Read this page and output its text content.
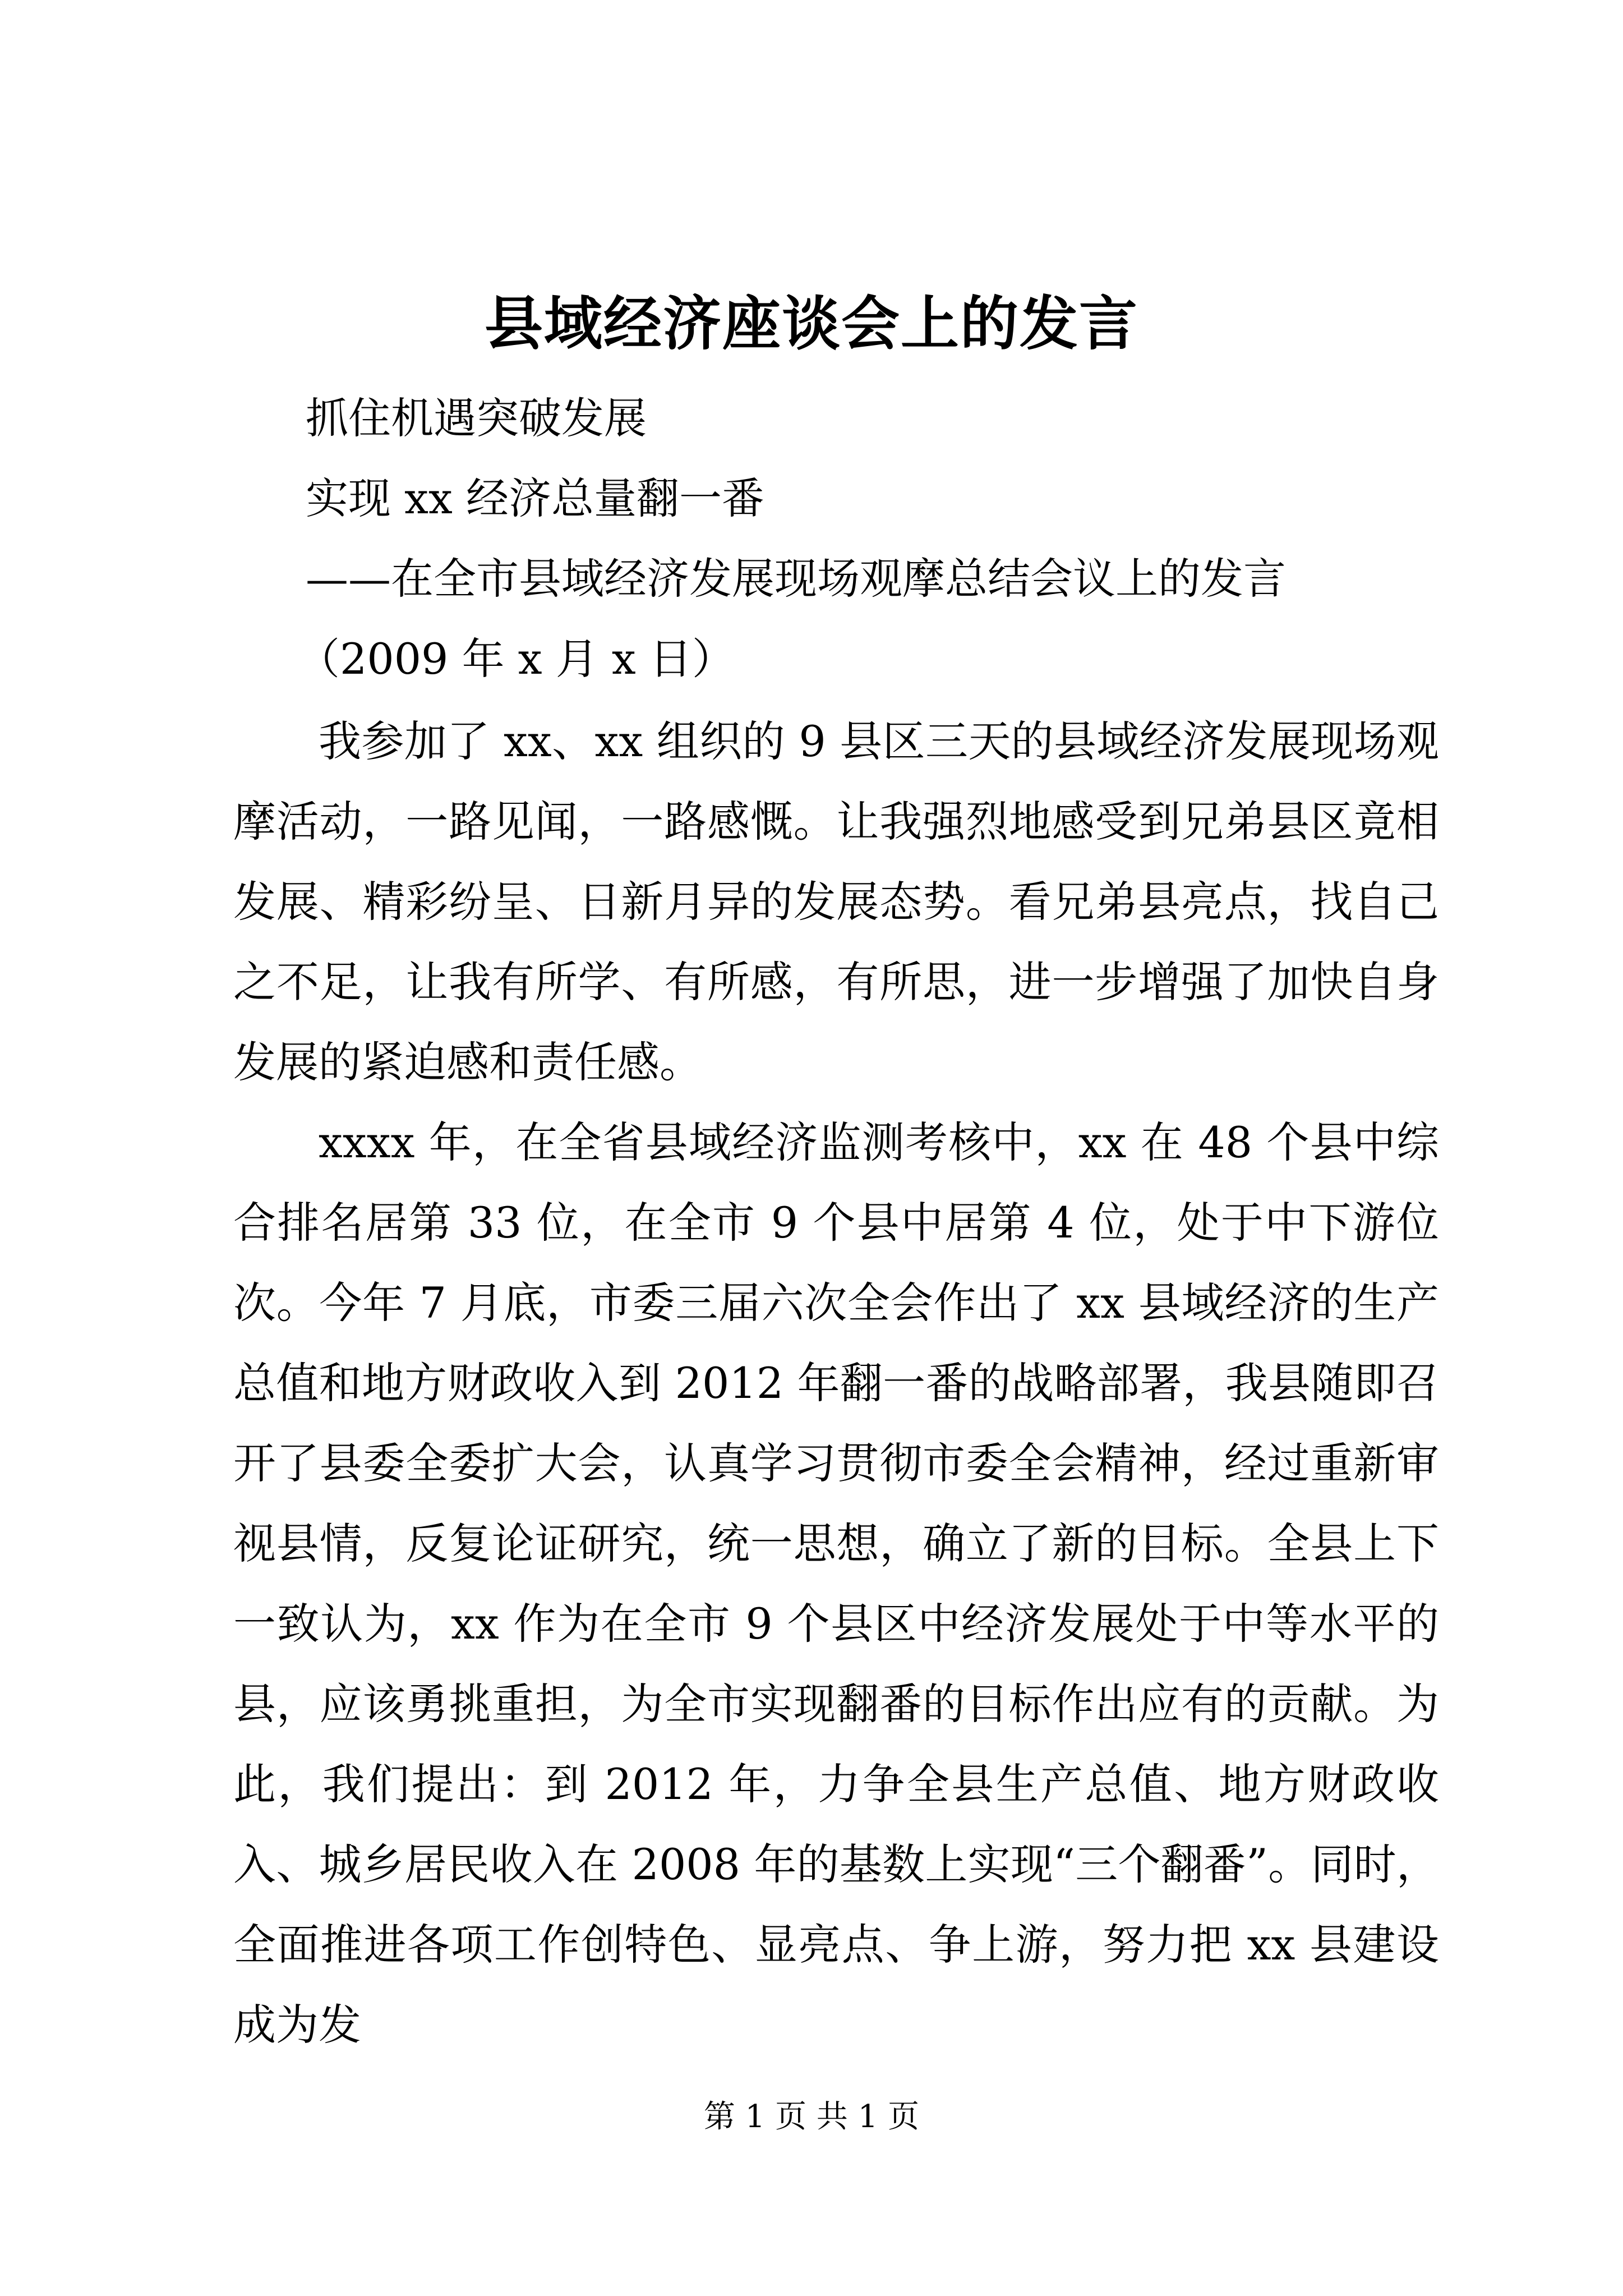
县域经济座谈会上的发言
抓住机遇突破发展
实现 xx 经济总量翻一番
——在全市县域经济发展现场观摩总结会议上的发言
（2009 年 x 月 x 日）

我参加了 xx、xx 组织的 9 县区三天的县域经济发展现场观摩活动，一路见闻，一路感慨。让我强烈地感受到兄弟县区竟相发展、精彩纷呈、日新月异的发展态势。看兄弟县亮点，找自己之不足，让我有所学、有所感，有所思，进一步增强了加快自身发展的紧迫感和责任感。

xxxx 年，在全省县域经济监测考核中，xx 在 48 个县中综合排名居第 33 位，在全市 9 个县中居第 4 位，处于中下游位次。今年 7 月底，市委三届六次全会作出了 xx 县域经济的生产总值和地方财政收入到 2012 年翻一番的战略部署，我县随即召开了县委全委扩大会，认真学习贯彻市委全会精神，经过重新审视县情，反复论证研究，统一思想，确立了新的目标。全县上下一致认为，xx 作为在全市 9 个县区中经济发展处于中等水平的县，应该勇挑重担，为全市实现翻番的目标作出应有的贡献。为此，我们提出：到 2012 年，力争全县生产总值、地方财政收入、城乡居民收入在 2008 年的基数上实现“三个翻番”。同时，全面推进各项工作创特色、显亮点、争上游，努力把 xx 县建设成为发

第 1 页 共 1 页
